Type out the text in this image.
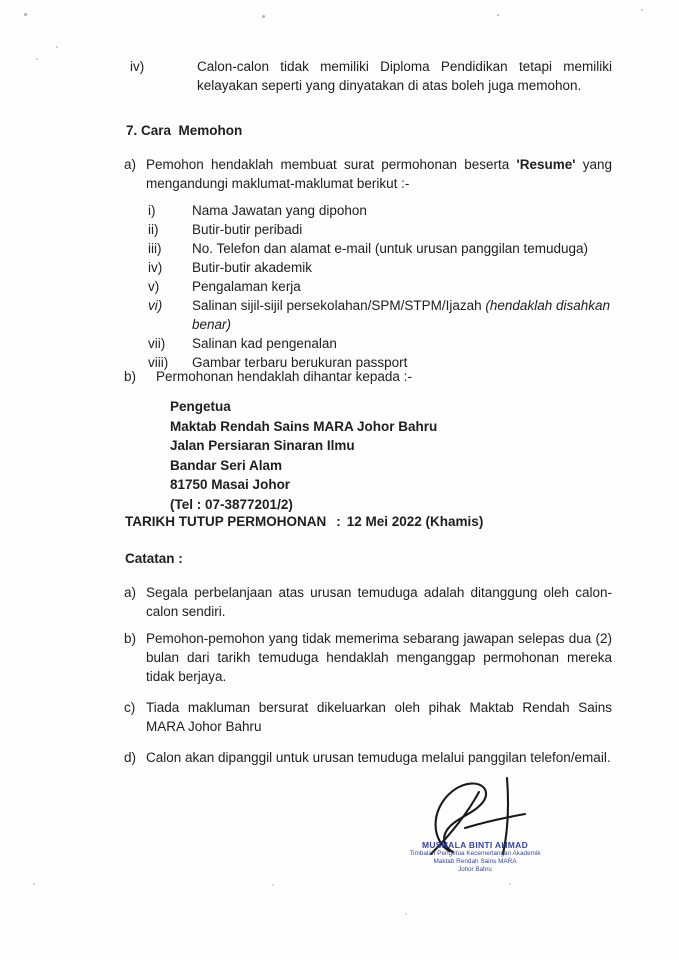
iv)	Calon-calon tidak memiliki Diploma Pendidikan tetapi memiliki kelayakan seperti yang dinyatakan di atas boleh juga memohon.
7. Cara  Memohon
a) Pemohon hendaklah membuat surat permohonan beserta 'Resume' yang mengandungi maklumat-maklumat berikut :-
i)	Nama Jawatan yang dipohon
ii)	Butir-butir peribadi
iii)	No. Telefon dan alamat e-mail (untuk urusan panggilan temuduga)
iv)	Butir-butir akademik
v)	Pengalaman kerja
vi)	Salinan sijil-sijil persekolahan/SPM/STPM/Ijazah (hendaklah disahkan benar)
vii)	Salinan kad pengenalan
viii)	Gambar terbaru berukuran passport
b)	Permohonan hendaklah dihantar kepada :-
Pengetua
Maktab Rendah Sains MARA Johor Bahru
Jalan Persiaran Sinaran Ilmu
Bandar Seri Alam
81750 Masai Johor
(Tel : 07-3877201/2)
TARIKH TUTUP PERMOHONAN : 12 Mei 2022 (Khamis)
Catatan :
a) Segala perbelanjaan atas urusan temuduga adalah ditanggung oleh calon-calon sendiri.
b) Pemohon-pemohon yang tidak memerima sebarang jawapan selepas dua (2) bulan dari tarikh temuduga hendaklah menganggap permohonan mereka tidak berjaya.
c) Tiada makluman bersurat dikeluarkan oleh pihak Maktab Rendah Sains MARA Johor Bahru
d) Calon akan dipanggil untuk urusan temuduga melalui panggilan telefon/email.
MUSHALA BINTI AHMAD
Timbalan Pengetua Kecemerlangan Akademik
Maktab Rendah Sains MARA
Johor Bahru
